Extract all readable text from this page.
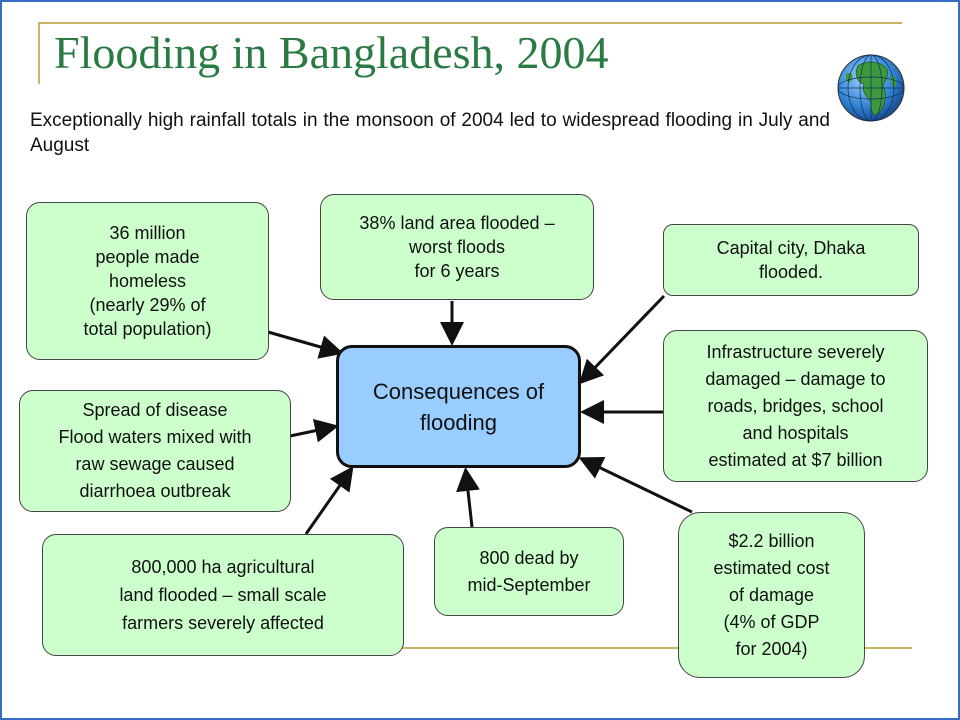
Flooding in Bangladesh, 2004

Exceptionally high rainfall totals in the monsoon of 2004 led to widespread flooding in July and August

36 million
people made
homeless
(nearly 29% of
total population)
38% land area flooded –
worst floods
for 6 years
Capital city, Dhaka
flooded.
Infrastructure severely
damaged – damage to
roads, bridges, school
and hospitals
estimated at $7 billion
Spread of disease
Flood waters mixed with
raw sewage caused
diarrhoea outbreak
800,000 ha agricultural
land flooded – small scale
farmers severely affected
800 dead by
mid-September
$2.2 billion
estimated cost
of damage
(4% of GDP
for 2004)
Consequences of
flooding
